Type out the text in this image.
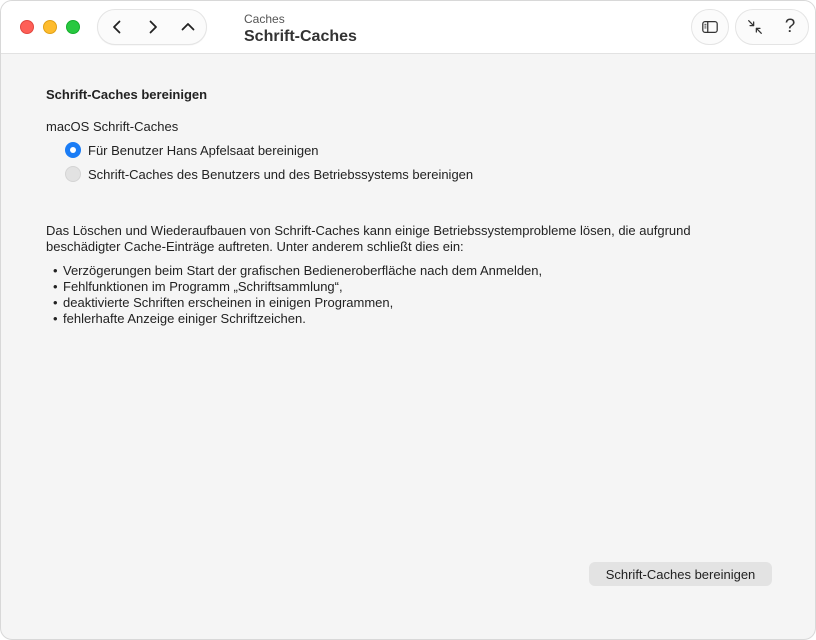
Caches
Schrift-Caches	?
Schrift-Caches bereinigen
macOS Schrift-Caches
Für Benutzer Hans Apfelsaat bereinigen
Schrift-Caches des Benutzers und des Betriebssystems bereinigen
Das Löschen und Wiederaufbauen von Schrift-Caches kann einige Betriebssystemprobleme lösen, die aufgrund
beschädigter Cache-Einträge auftreten. Unter anderem schließt dies ein:
• Verzögerungen beim Start der grafischen Bedieneroberfläche nach dem Anmelden,
• Fehlfunktionen im Programm „Schriftsammlung“,
• deaktivierte Schriften erscheinen in einigen Programmen,
• fehlerhafte Anzeige einiger Schriftzeichen.
Schrift-Caches bereinigen
